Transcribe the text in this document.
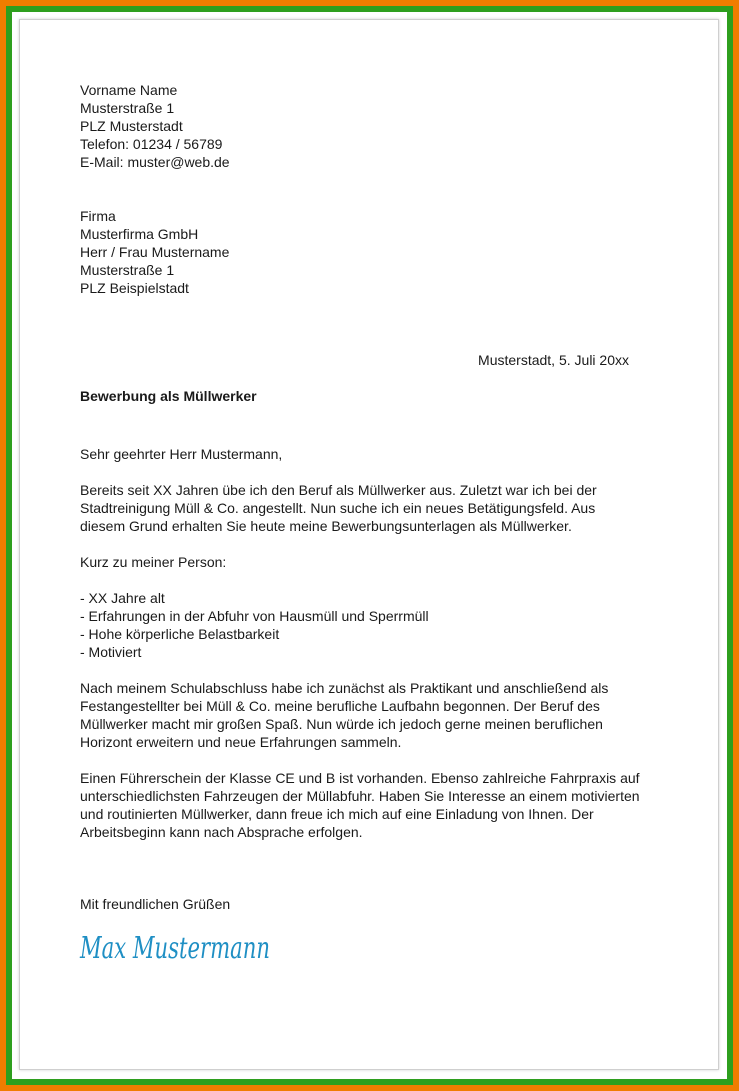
Vorname Name
Musterstraße 1
PLZ Musterstadt
Telefon: 01234 / 56789
E-Mail: muster@web.de
Firma
Musterfirma GmbH
Herr / Frau Mustername
Musterstraße 1
PLZ Beispielstadt
Musterstadt, 5. Juli 20xx
Bewerbung als Müllwerker
Sehr geehrter Herr Mustermann,
Bereits seit XX Jahren übe ich den Beruf als Müllwerker aus. Zuletzt war ich bei der
Stadtreinigung Müll & Co. angestellt. Nun suche ich ein neues Betätigungsfeld. Aus
diesem Grund erhalten Sie heute meine Bewerbungsunterlagen als Müllwerker.
Kurz zu meiner Person:
- XX Jahre alt
- Erfahrungen in der Abfuhr von Hausmüll und Sperrmüll
- Hohe körperliche Belastbarkeit
- Motiviert
Nach meinem Schulabschluss habe ich zunächst als Praktikant und anschließend als
Festangestellter bei Müll & Co. meine berufliche Laufbahn begonnen. Der Beruf des
Müllwerker macht mir großen Spaß. Nun würde ich jedoch gerne meinen beruflichen
Horizont erweitern und neue Erfahrungen sammeln.
Einen Führerschein der Klasse CE und B ist vorhanden. Ebenso zahlreiche Fahrpraxis auf
unterschiedlichsten Fahrzeugen der Müllabfuhr. Haben Sie Interesse an einem motivierten
und routinierten Müllwerker, dann freue ich mich auf eine Einladung von Ihnen. Der
Arbeitsbeginn kann nach Absprache erfolgen.
Mit freundlichen Grüßen
Max Mustermann
